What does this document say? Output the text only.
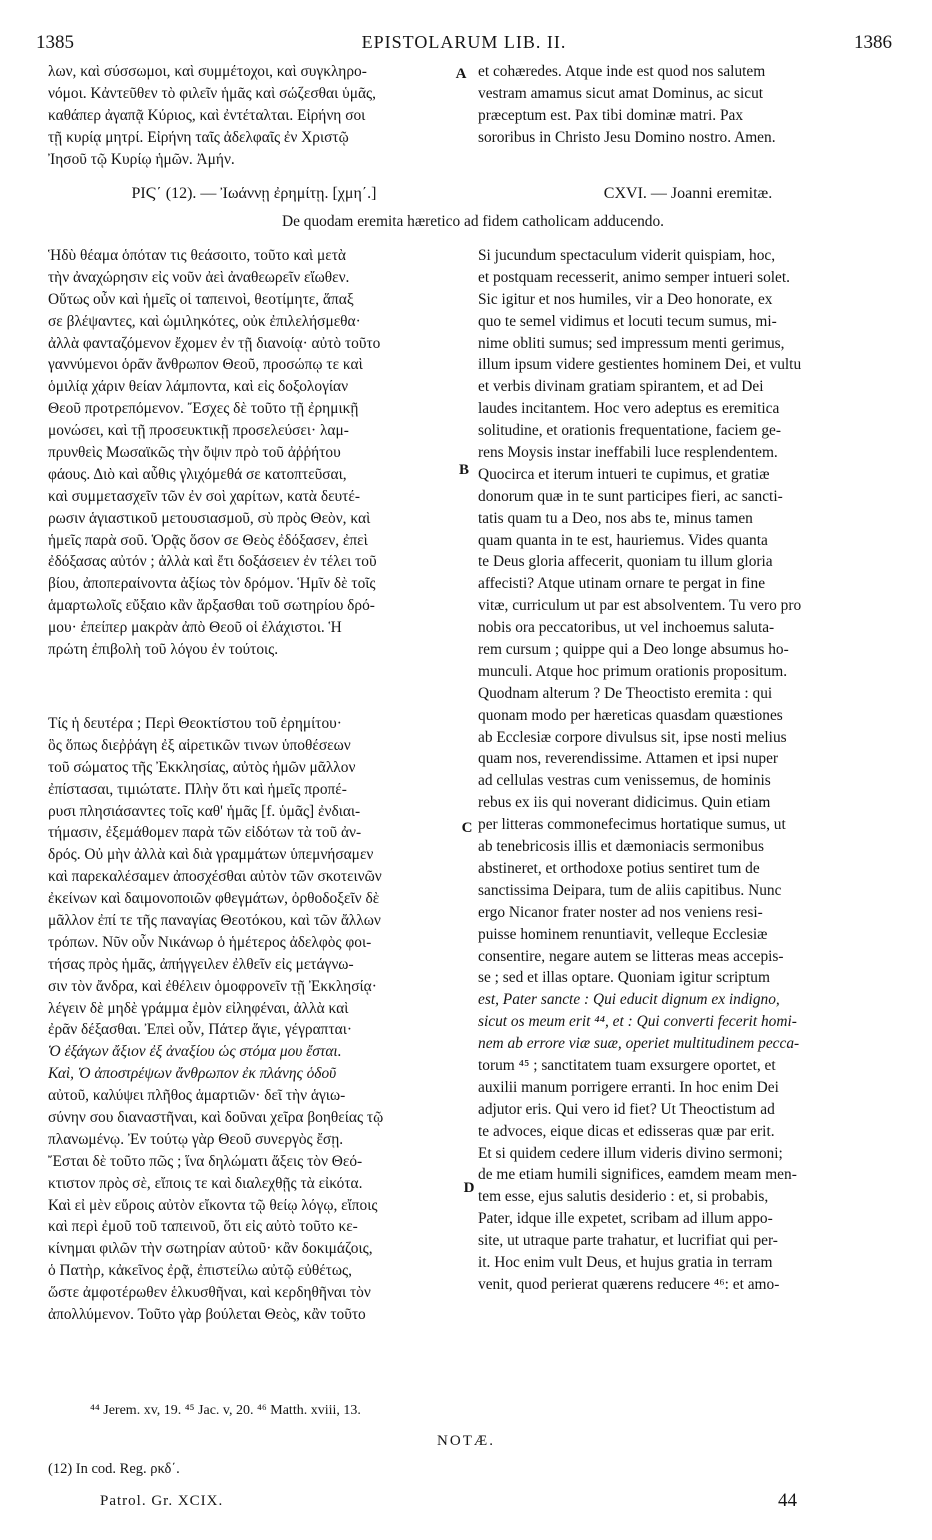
1385	EPISTOLARUM LIB. II.	1386
λων, καὶ σύσσωμοι, καὶ συμμέτοχοι, καὶ συγκληρο-
νόμοι. Κἀντεῦθεν τὸ φιλεῖν ἡμᾶς καὶ σώζεσθαι ὑμᾶς,
καθάπερ ἀγαπᾷ Κύριος, καὶ ἐντέταλται. Εἰρήνη σοι
τῇ κυρίᾳ μητρί. Εἰρήνη ταῖς ἀδελφαῖς ἐν Χριστῷ
Ἰησοῦ τῷ Κυρίῳ ἡμῶν. Ἀμήν.
et cohæredes. Atque inde est quod nos salutem
vestram amamus sicut amat Dominus, ac sicut
præceptum est. Pax tibi dominæ matri. Pax
sororibus in Christo Jesu Domino nostro. Amen.
A
ΡΙϚ΄ (12). — Ἰωάννῃ ἐρημίτῃ. [χμη΄.]	CXVI. — Joanni eremitæ.
De quodam eremita hæretico ad fidem catholicam adducendo.
Ἡδὺ θέαμα ὁπόταν τις θεάσοιτο, τοῦτο καὶ μετὰ
τὴν ἀναχώρησιν εἰς νοῦν ἀεὶ ἀναθεωρεῖν εἴωθεν.
Οὕτως οὖν καὶ ἡμεῖς οἱ ταπεινοὶ, θεοτίμητε, ἅπαξ
σε βλέψαντες, καὶ ὡμιληκότες, οὐκ ἐπιλελήσμεθα·
ἀλλὰ φανταζόμενον ἔχομεν ἐν τῇ διανοίᾳ· αὐτὸ τοῦτο
γαννύμενοι ὁρᾶν ἄνθρωπον Θεοῦ, προσώπῳ τε καὶ
ὁμιλίᾳ χάριν θείαν λάμποντα, καὶ εἰς δοξολογίαν
Θεοῦ προτρεπόμενον. Ἔσχες δὲ τοῦτο τῇ ἐρημικῇ
μονώσει, καὶ τῇ προσευκτικῇ προσελεύσει· λαμ-
πρυνθεὶς Μωσαϊκῶς τὴν ὄψιν πρὸ τοῦ ἀῤῥήτου
φάους. Διὸ καὶ αὖθις γλιχόμεθά σε κατοπτεῦσαι,
καὶ συμμετασχεῖν τῶν ἐν σοὶ χαρίτων, κατὰ δευτέ-
ρωσιν ἁγιαστικοῦ μετουσιασμοῦ, σὺ πρὸς Θεὸν, καὶ
ἡμεῖς παρὰ σοῦ. Ὁρᾷς ὅσον σε Θεὸς ἐδόξασεν, ἐπεὶ
ἐδόξασας αὐτόν ; ἀλλὰ καὶ ἔτι δοξάσειεν ἐν τέλει τοῦ
βίου, ἀποπεραίνοντα ἀξίως τὸν δρόμον. Ἡμῖν δὲ τοῖς
ἁμαρτωλοῖς εὔξαιο κἂν ἄρξασθαι τοῦ σωτηρίου δρό-
μου· ἐπείπερ μακρὰν ἀπὸ Θεοῦ οἱ ἐλάχιστοι. Ἡ
πρώτη ἐπιβολὴ τοῦ λόγου ἐν τούτοις.
Τίς ἡ δευτέρα ; Περὶ Θεοκτίστου τοῦ ἐρημίτου·
ὃς ὅπως διεῤῥάγη ἐξ αἱρετικῶν τινων ὑποθέσεων
τοῦ σώματος τῆς Ἐκκλησίας, αὐτὸς ἡμῶν μᾶλλον
ἐπίστασαι, τιμιώτατε. Πλὴν ὅτι καὶ ἡμεῖς προπέ-
ρυσι πλησιάσαντες τοῖς καθ' ἡμᾶς [f. ὑμᾶς] ἐνδιαι-
τήμασιν, ἐξεμάθομεν παρὰ τῶν εἰδότων τὰ τοῦ ἀν-
δρός. Οὐ μὴν ἀλλὰ καὶ διὰ γραμμάτων ὑπεμνήσαμεν
καὶ παρεκαλέσαμεν ἀποσχέσθαι αὐτὸν τῶν σκοτεινῶν
ἐκείνων καὶ δαιμονοποιῶν φθεγμάτων, ὀρθοδοξεῖν δὲ
μᾶλλον ἐπί τε τῆς παναγίας Θεοτόκου, καὶ τῶν ἄλλων
τρόπων. Νῦν οὖν Νικάνωρ ὁ ἡμέτερος ἀδελφὸς φοι-
τήσας πρὸς ἡμᾶς, ἀπήγγειλεν ἐλθεῖν εἰς μετάγνω-
σιν τὸν ἄνδρα, καὶ ἐθέλειν ὁμοφρονεῖν τῇ Ἐκκλησίᾳ·
λέγειν δὲ μηδὲ γράμμα ἐμὸν εἰληφέναι, ἀλλὰ καὶ
ἐρᾶν δέξασθαι. Ἐπεὶ οὖν, Πάτερ ἅγιε, γέγραπται·
Ὁ ἐξάγων ἄξιον ἐξ ἀναξίου ὡς στόμα μου ἔσται.
Καὶ, Ὁ ἀποστρέψων ἄνθρωπον ἐκ πλάνης ὁδοῦ
αὐτοῦ, καλύψει πλῆθος ἁμαρτιῶν· δεῖ τὴν ἁγιω-
σύνην σου διαναστῆναι, καὶ δοῦναι χεῖρα βοηθείας τῷ
πλανωμένῳ. Ἐν τούτῳ γὰρ Θεοῦ συνεργὸς ἔσῃ.
Ἔσται δὲ τοῦτο πῶς ; ἵνα δηλώματι ἄξεις τὸν Θεό-
κτιστον πρὸς σὲ, εἴποις τε καὶ διαλεχθῇς τὰ εἰκότα.
Καὶ εἰ μὲν εὕροις αὐτὸν εἴκοντα τῷ θείῳ λόγῳ, εἴποις
καὶ περὶ ἐμοῦ τοῦ ταπεινοῦ, ὅτι εἰς αὐτὸ τοῦτο κε-
κίνημαι φιλῶν τὴν σωτηρίαν αὐτοῦ· κἂν δοκιμάζοις,
ὁ Πατὴρ, κἀκεῖνος ἐρᾷ, ἐπιστείλω αὐτῷ εὐθέτως,
ὥστε ἀμφοτέρωθεν ἑλκυσθῆναι, καὶ κερδηθῆναι τὸν
ἀπολλύμενον. Τοῦτο γὰρ βούλεται Θεὸς, κἂν τοῦτο
Si jucundum spectaculum viderit quispiam, hoc,
et postquam recesserit, animo semper intueri solet.
Sic igitur et nos humiles, vir a Deo honorate, ex
quo te semel vidimus et locuti tecum sumus, mi-
nime obliti sumus; sed impressum menti gerimus,
illum ipsum videre gestientes hominem Dei, et vultu
et verbis divinam gratiam spirantem, et ad Dei
laudes incitantem. Hoc vero adeptus es eremitica
solitudine, et orationis frequentatione, faciem ge-
rens Moysis instar ineffabili luce resplendentem.
Quocirca et iterum intueri te cupimus, et gratiæ
donorum quæ in te sunt participes fieri, ac sancti-
tatis quam tu a Deo, nos abs te, minus tamen
quam quanta in te est, hauriemus. Vides quanta
te Deus gloria affecerit, quoniam tu illum gloria
affecisti? Atque utinam ornare te pergat in fine
vitæ, curriculum ut par est absolventem. Tu vero pro
nobis ora peccatoribus, ut vel inchoemus saluta-
rem cursum ; quippe qui a Deo longe absumus ho-
munculi. Atque hoc primum orationis propositum.
Quodnam alterum ? De Theoctisto eremita : qui
quonam modo per hæreticas quasdam quæstiones
ab Ecclesiæ corpore divulsus sit, ipse nosti melius
quam nos, reverendissime. Attamen et ipsi nuper
ad cellulas vestras cum venissemus, de hominis
rebus ex iis qui noverant didicimus. Quin etiam
per litteras commonefecimus hortatique sumus, ut
ab tenebricosis illis et dæmoniacis sermonibus
abstineret, et orthodoxe potius sentiret tum de
sanctissima Deipara, tum de aliis capitibus. Nunc
ergo Nicanor frater noster ad nos veniens resi-
puisse hominem renuntiavit, velleque Ecclesiæ
consentire, negare autem se litteras meas accepis-
se ; sed et illas optare. Quoniam igitur scriptum
est, Pater sancte : Qui educit dignum ex indigno,
sicut os meum erit ⁴⁴, et : Qui converti fecerit homi-
nem ab errore viæ suæ, operiet multitudinem pecca-
torum ⁴⁵ ; sanctitatem tuam exsurgere oportet, et
auxilii manum porrigere erranti. In hoc enim Dei
adjutor eris. Qui vero id fiet? Ut Theoctistum ad
te advoces, eique dicas et edisseras quæ par erit.
Et si quidem cedere illum videris divino sermoni;
de me etiam humili significes, eamdem meam men-
tem esse, ejus salutis desiderio : et, si probabis,
Pater, idque ille expetet, scribam ad illum appo-
site, ut utraque parte trahatur, et lucrifiat qui per-
it. Hoc enim vult Deus, et hujus gratia in terram
venit, quod perierat quærens reducere ⁴⁶: et amo-
B
C
D
⁴⁴ Jerem. xv, 19. ⁴⁵ Jac. v, 20. ⁴⁶ Matth. xviii, 13.
NOTÆ.
(12) In cod. Reg. ρκδ΄.
Patrol. Gr. XCIX.	44
